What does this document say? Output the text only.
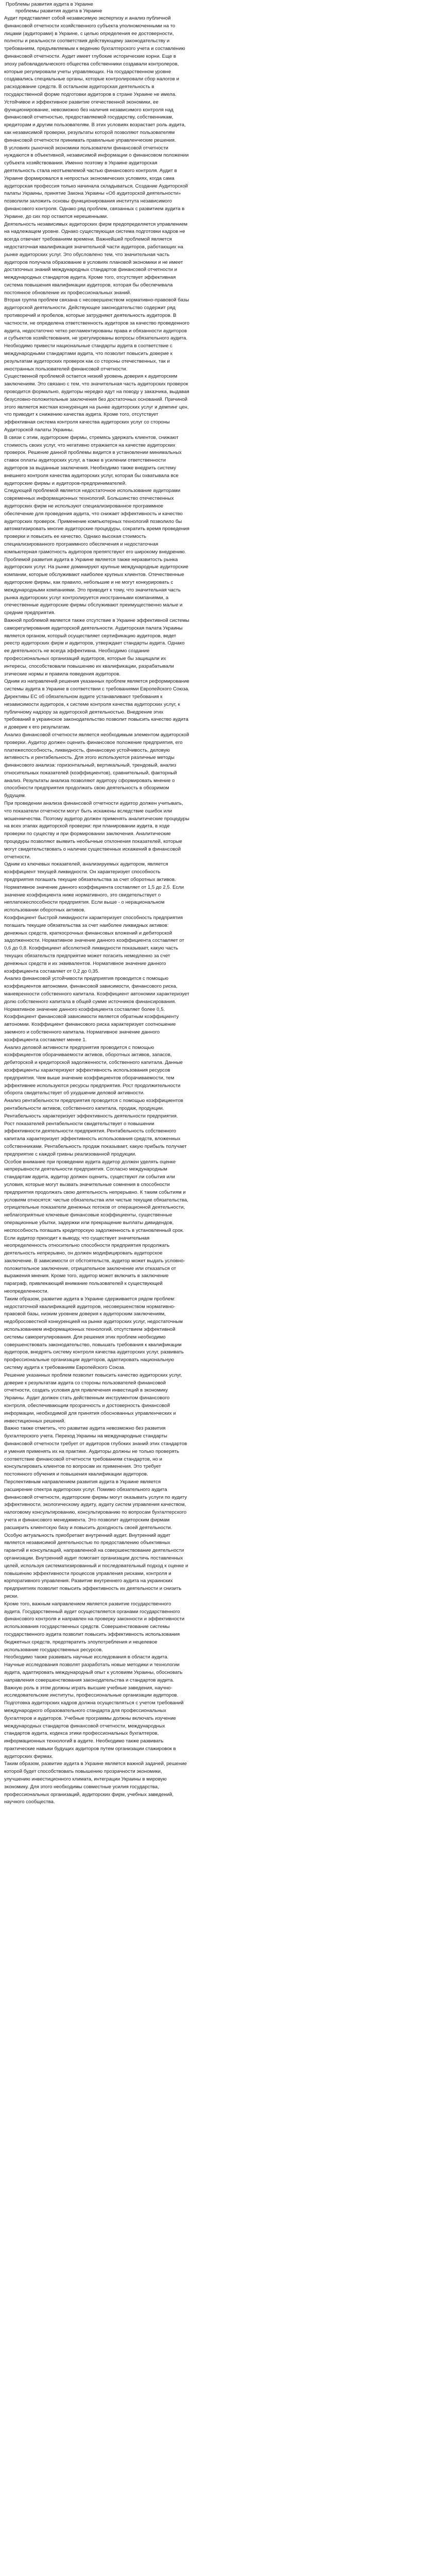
Проблемы развития аудита в Украине

проблемы развития аудита в Украине

Аудит представляет собой независимую экспертизу и анализ публичной финансовой отчетности хозяйственного субъекта уполномоченными на то лицами (аудиторами) в Украине, с целью определения ее достоверности, полноты и реальности соответствия действующему законодательству и требованиям, предъявляемым к ведению бухгалтерского учета и составлению финансовой отчетности. Аудит имеет глубокие исторические корни. Еще в эпоху рабовладельческого общества собственники создавали контролеров, которые регулировали учеты управляющих. На государственном уровне создавались специальные органы, которые контролировали сбор налогов и расходование средств. В остальном аудиторская деятельность в государственной форме подготовки аудиторов в стране Украине не имела. Устойчивое и эффективное развитие отечественной экономики, ее функционирование, невозможно без наличия независимого контроля над финансовой отчетностью, предоставляемой государству, собственникам, кредиторам и другим пользователям. В этих условиях возрастает роль аудита, как независимой проверки, результаты которой позволяют пользователям финансовой отчетности принимать правильные управленческие решения.

В условиях рыночной экономики пользователи финансовой отчетности нуждаются в объективной, независимой информации о финансовом положении субъекта хозяйствования. Именно поэтому в Украине аудиторская деятельность стала неотъемлемой частью финансового контроля. Аудит в Украине формировался в непростых экономических условиях, когда сама аудиторская профессия только начинала складываться. Создание Аудиторской палаты Украины, принятие Закона Украины «Об аудиторской деятельности» позволили заложить основы функционирования института независимого финансового контроля. Однако ряд проблем, связанных с развитием аудита в Украине, до сих пор остаются нерешенными.

Деятельность независимых аудиторских фирм предопределяется управлением на надлежащем уровне. Однако существующая система подготовки кадров не всегда отвечает требованиям времени. Важнейшей проблемой является недостаточная квалификация значительной части аудиторов, работающих на рынке аудиторских услуг. Это обусловлено тем, что значительная часть аудиторов получала образование в условиях плановой экономики и не имеет достаточных знаний международных стандартов финансовой отчетности и международных стандартов аудита. Кроме того, отсутствует эффективная система повышения квалификации аудиторов, которая бы обеспечивала постоянное обновление их профессиональных знаний.

Вторая группа проблем связана с несовершенством нормативно-правовой базы аудиторской деятельности. Действующее законодательство содержит ряд противоречий и пробелов, которые затрудняют деятельность аудиторов. В частности, не определена ответственность аудиторов за качество проведенного аудита, недостаточно четко регламентированы права и обязанности аудиторов и субъектов хозяйствования, не урегулированы вопросы обязательного аудита. Необходимо привести национальные стандарты аудита в соответствие с международными стандартами аудита, что позволит повысить доверие к результатам аудиторских проверок как со стороны отечественных, так и иностранных пользователей финансовой отчетности.

Существенной проблемой остается низкий уровень доверия к аудиторским заключениям. Это связано с тем, что значительная часть аудиторских проверок проводится формально, аудиторы нередко идут на поводу у заказчика, выдавая безусловно-положительные заключения без достаточных оснований. Причиной этого является жесткая конкуренция на рынке аудиторских услуг и демпинг цен, что приводит к снижению качества аудита. Кроме того, отсутствует эффективная система контроля качества аудиторских услуг со стороны Аудиторской палаты Украины.

В связи с этим, аудиторские фирмы, стремясь удержать клиентов, снижают стоимость своих услуг, что негативно отражается на качестве аудиторских проверок. Решение данной проблемы видится в установлении минимальных ставок оплаты аудиторских услуг, а также в усилении ответственности аудиторов за выданные заключения. Необходимо также внедрить систему внешнего контроля качества аудиторских услуг, которая бы охватывала все аудиторские фирмы и аудиторов-предпринимателей.

Следующей проблемой является недостаточное использование аудиторами современных информационных технологий. Большинство отечественных аудиторских фирм не используют специализированное программное обеспечение для проведения аудита, что снижает эффективность и качество аудиторских проверок. Применение компьютерных технологий позволило бы автоматизировать многие аудиторские процедуры, сократить время проведения проверки и повысить ее качество. Однако высокая стоимость специализированного программного обеспечения и недостаточная компьютерная грамотность аудиторов препятствуют его широкому внедрению.

Проблемой развития аудита в Украине является также неразвитость рынка аудиторских услуг. На рынке доминируют крупные международные аудиторские компании, которые обслуживают наиболее крупных клиентов. Отечественные аудиторские фирмы, как правило, небольшие и не могут конкурировать с международными компаниями. Это приводит к тому, что значительная часть рынка аудиторских услуг контролируется иностранными компаниями, а отечественные аудиторские фирмы обслуживают преимущественно малые и средние предприятия.

Важной проблемой является также отсутствие в Украине эффективной системы саморегулирования аудиторской деятельности. Аудиторская палата Украины является органом, который осуществляет сертификацию аудиторов, ведет реестр аудиторских фирм и аудиторов, утверждает стандарты аудита. Однако ее деятельность не всегда эффективна. Необходимо создание профессиональных организаций аудиторов, которые бы защищали их интересы, способствовали повышению их квалификации, разрабатывали этические нормы и правила поведения аудиторов.

Одним из направлений решения указанных проблем является реформирование системы аудита в Украине в соответствии с требованиями Европейского Союза. Директивы ЕС об обязательном аудите устанавливают требования к независимости аудиторов, к системе контроля качества аудиторских услуг, к публичному надзору за аудиторской деятельностью. Внедрение этих требований в украинское законодательство позволит повысить качество аудита и доверие к его результатам.

Анализ финансовой отчетности является необходимым элементом аудиторской проверки. Аудитор должен оценить финансовое положение предприятия, его платежеспособность, ликвидность, финансовую устойчивость, деловую активность и рентабельность. Для этого используются различные методы финансового анализа: горизонтальный, вертикальный, трендовый, анализ относительных показателей (коэффициентов), сравнительный, факторный анализ. Результаты анализа позволяют аудитору сформировать мнение о способности предприятия продолжать свою деятельность в обозримом будущем.

При проведении анализа финансовой отчетности аудитор должен учитывать, что показатели отчетности могут быть искажены вследствие ошибок или мошенничества. Поэтому аудитор должен применять аналитические процедуры на всех этапах аудиторской проверки: при планировании аудита, в ходе проверки по существу и при формировании заключения. Аналитические процедуры позволяют выявить необычные отклонения показателей, которые могут свидетельствовать о наличии существенных искажений в финансовой отчетности.

Одним из ключевых показателей, анализируемых аудитором, является коэффициент текущей ликвидности. Он характеризует способность предприятия погашать текущие обязательства за счет оборотных активов. Нормативное значение данного коэффициента составляет от 1,5 до 2,5. Если значение коэффициента ниже нормативного, это свидетельствует о неплатежеспособности предприятия. Если выше - о нерациональном использовании оборотных активов.

Коэффициент быстрой ликвидности характеризует способность предприятия погашать текущие обязательства за счет наиболее ликвидных активов: денежных средств, краткосрочных финансовых вложений и дебиторской задолженности. Нормативное значение данного коэффициента составляет от 0,6 до 0,8. Коэффициент абсолютной ликвидности показывает, какую часть текущих обязательств предприятие может погасить немедленно за счет денежных средств и их эквивалентов. Нормативное значение данного коэффициента составляет от 0,2 до 0,35.

Анализ финансовой устойчивости предприятия проводится с помощью коэффициентов автономии, финансовой зависимости, финансового риска, маневренности собственного капитала. Коэффициент автономии характеризует долю собственного капитала в общей сумме источников финансирования. Нормативное значение данного коэффициента составляет более 0,5. Коэффициент финансовой зависимости является обратным коэффициенту автономии. Коэффициент финансового риска характеризует соотношение заемного и собственного капитала. Нормативное значение данного коэффициента составляет менее 1.

Анализ деловой активности предприятия проводится с помощью коэффициентов оборачиваемости активов, оборотных активов, запасов, дебиторской и кредиторской задолженности, собственного капитала. Данные коэффициенты характеризуют эффективность использования ресурсов предприятия. Чем выше значение коэффициентов оборачиваемости, тем эффективнее используются ресурсы предприятия. Рост продолжительности оборота свидетельствует об ухудшении деловой активности.

Анализ рентабельности предприятия проводится с помощью коэффициентов рентабельности активов, собственного капитала, продаж, продукции. Рентабельность характеризует эффективность деятельности предприятия. Рост показателей рентабельности свидетельствует о повышении эффективности деятельности предприятия. Рентабельность собственного капитала характеризует эффективность использования средств, вложенных собственниками. Рентабельность продаж показывает, какую прибыль получает предприятие с каждой гривны реализованной продукции.

Особое внимание при проведении аудита аудитор должен уделять оценке непрерывности деятельности предприятия. Согласно международным стандартам аудита, аудитор должен оценить, существуют ли события или условия, которые могут вызвать значительные сомнения в способности предприятия продолжать свою деятельность непрерывно. К таким событиям и условиям относятся: чистые обязательства или чистые текущие обязательства, отрицательные показатели денежных потоков от операционной деятельности, неблагоприятные ключевые финансовые коэффициенты, существенные операционные убытки, задержки или прекращение выплаты дивидендов, неспособность погашать кредиторскую задолженность в установленный срок.

Если аудитор приходит к выводу, что существует значительная неопределенность относительно способности предприятия продолжать деятельность непрерывно, он должен модифицировать аудиторское заключение. В зависимости от обстоятельств, аудитор может выдать условно-положительное заключение, отрицательное заключение или отказаться от выражения мнения. Кроме того, аудитор может включить в заключение параграф, привлекающий внимание пользователей к существующей неопределенности.

Таким образом, развитие аудита в Украине сдерживается рядом проблем: недостаточной квалификацией аудиторов, несовершенством нормативно-правовой базы, низким уровнем доверия к аудиторским заключениям, недобросовестной конкуренцией на рынке аудиторских услуг, недостаточным использованием информационных технологий, отсутствием эффективной системы саморегулирования. Для решения этих проблем необходимо совершенствовать законодательство, повышать требования к квалификации аудиторов, внедрять систему контроля качества аудиторских услуг, развивать профессиональные организации аудиторов, адаптировать национальную систему аудита к требованиям Европейского Союза.

Решение указанных проблем позволит повысить качество аудиторских услуг, доверие к результатам аудита со стороны пользователей финансовой отчетности, создать условия для привлечения инвестиций в экономику Украины. Аудит должен стать действенным инструментом финансового контроля, обеспечивающим прозрачность и достоверность финансовой информации, необходимой для принятия обоснованных управленческих и инвестиционных решений.

Важно также отметить, что развитие аудита невозможно без развития бухгалтерского учета. Переход Украины на международные стандарты финансовой отчетности требует от аудиторов глубоких знаний этих стандартов и умения применять их на практике. Аудиторы должны не только проверять соответствие финансовой отчетности требованиям стандартов, но и консультировать клиентов по вопросам их применения. Это требует постоянного обучения и повышения квалификации аудиторов.

Перспективным направлением развития аудита в Украине является расширение спектра аудиторских услуг. Помимо обязательного аудита финансовой отчетности, аудиторские фирмы могут оказывать услуги по аудиту эффективности, экологическому аудиту, аудиту систем управления качеством, налоговому консультированию, консультированию по вопросам бухгалтерского учета и финансового менеджмента. Это позволит аудиторским фирмам расширить клиентскую базу и повысить доходность своей деятельности.

Особую актуальность приобретает внутренний аудит. Внутренний аудит является независимой деятельностью по предоставлению объективных гарантий и консультаций, направленной на совершенствование деятельности организации. Внутренний аудит помогает организации достичь поставленных целей, используя систематизированный и последовательный подход к оценке и повышению эффективности процессов управления рисками, контроля и корпоративного управления. Развитие внутреннего аудита на украинских предприятиях позволит повысить эффективность их деятельности и снизить риски.

Кроме того, важным направлением является развитие государственного аудита. Государственный аудит осуществляется органами государственного финансового контроля и направлен на проверку законности и эффективности использования государственных средств. Совершенствование системы государственного аудита позволит повысить эффективность использования бюджетных средств, предотвратить злоупотребления и нецелевое использование государственных ресурсов.

Необходимо также развивать научные исследования в области аудита. Научные исследования позволят разработать новые методики и технологии аудита, адаптировать международный опыт к условиям Украины, обосновать направления совершенствования законодательства и стандартов аудита. Важную роль в этом должны играть высшие учебные заведения, научно-исследовательские институты, профессиональные организации аудиторов.

Подготовка аудиторских кадров должна осуществляться с учетом требований международного образовательного стандарта для профессиональных бухгалтеров и аудиторов. Учебные программы должны включать изучение международных стандартов финансовой отчетности, международных стандартов аудита, кодекса этики профессиональных бухгалтеров, информационных технологий в аудите. Необходимо также развивать практические навыки будущих аудиторов путем организации стажировок в аудиторских фирмах.

Таким образом, развитие аудита в Украине является важной задачей, решение которой будет способствовать повышению прозрачности экономики, улучшению инвестиционного климата, интеграции Украины в мировую экономику. Для этого необходимы совместные усилия государства, профессиональных организаций, аудиторских фирм, учебных заведений, научного сообщества.
